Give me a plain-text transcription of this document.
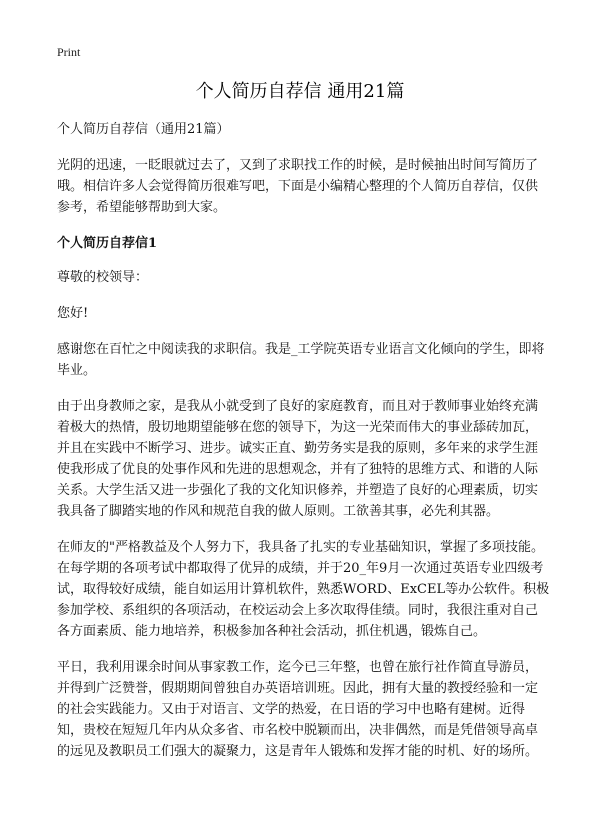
Print
个人简历自荐信 通用21篇

个人简历自荐信（通用21篇）

光阴的迅速，一眨眼就过去了，又到了求职找工作的时候，是时候抽出时间写简历了哦。相信许多人会觉得简历很难写吧，下面是小编精心整理的个人简历自荐信，仅供参考，希望能够帮助到大家。

个人简历自荐信1

尊敬的校领导：

您好!

感谢您在百忙之中阅读我的求职信。我是_工学院英语专业语言文化倾向的学生，即将毕业。

由于出身教师之家，是我从小就受到了良好的家庭教育，而且对于教师事业始终充满着极大的热情，殷切地期望能够在您的领导下，为这一光荣而伟大的事业舔砖加瓦，并且在实践中不断学习、进步。诚实正直、勤劳务实是我的原则，多年来的求学生涯使我形成了优良的处事作风和先进的思想观念，并有了独特的思维方式、和谐的人际关系。大学生活又进一步强化了我的文化知识修养，并塑造了良好的心理素质，切实我具备了脚踏实地的作风和规范自我的做人原则。工欲善其事，必先利其器。

在师友的"严格教益及个人努力下，我具备了扎实的专业基础知识，掌握了多项技能。在每学期的各项考试中都取得了优异的成绩，并于20_年9月一次通过英语专业四级考试，取得较好成绩，能自如运用计算机软件，熟悉WORD、ExCEL等办公软件。积极参加学校、系组织的各项活动，在校运动会上多次取得佳绩。同时，我很注重对自己各方面素质、能力地培养，积极参加各种社会活动，抓住机遇，锻炼自己。

平日，我利用课余时间从事家教工作，迄今已三年整，也曾在旅行社作简直导游员，并得到广泛赞誉，假期期间曾独自办英语培训班。因此，拥有大量的教授经验和一定的社会实践能力。又由于对语言、文学的热爱，在日语的学习中也略有建树。近得知，贵校在短短几年内从众多省、市名校中脱颖而出，决非偶然，而是凭借领导高卓的远见及教职员工们强大的凝聚力，这是青年人锻炼和发挥才能的时机、好的场所。
